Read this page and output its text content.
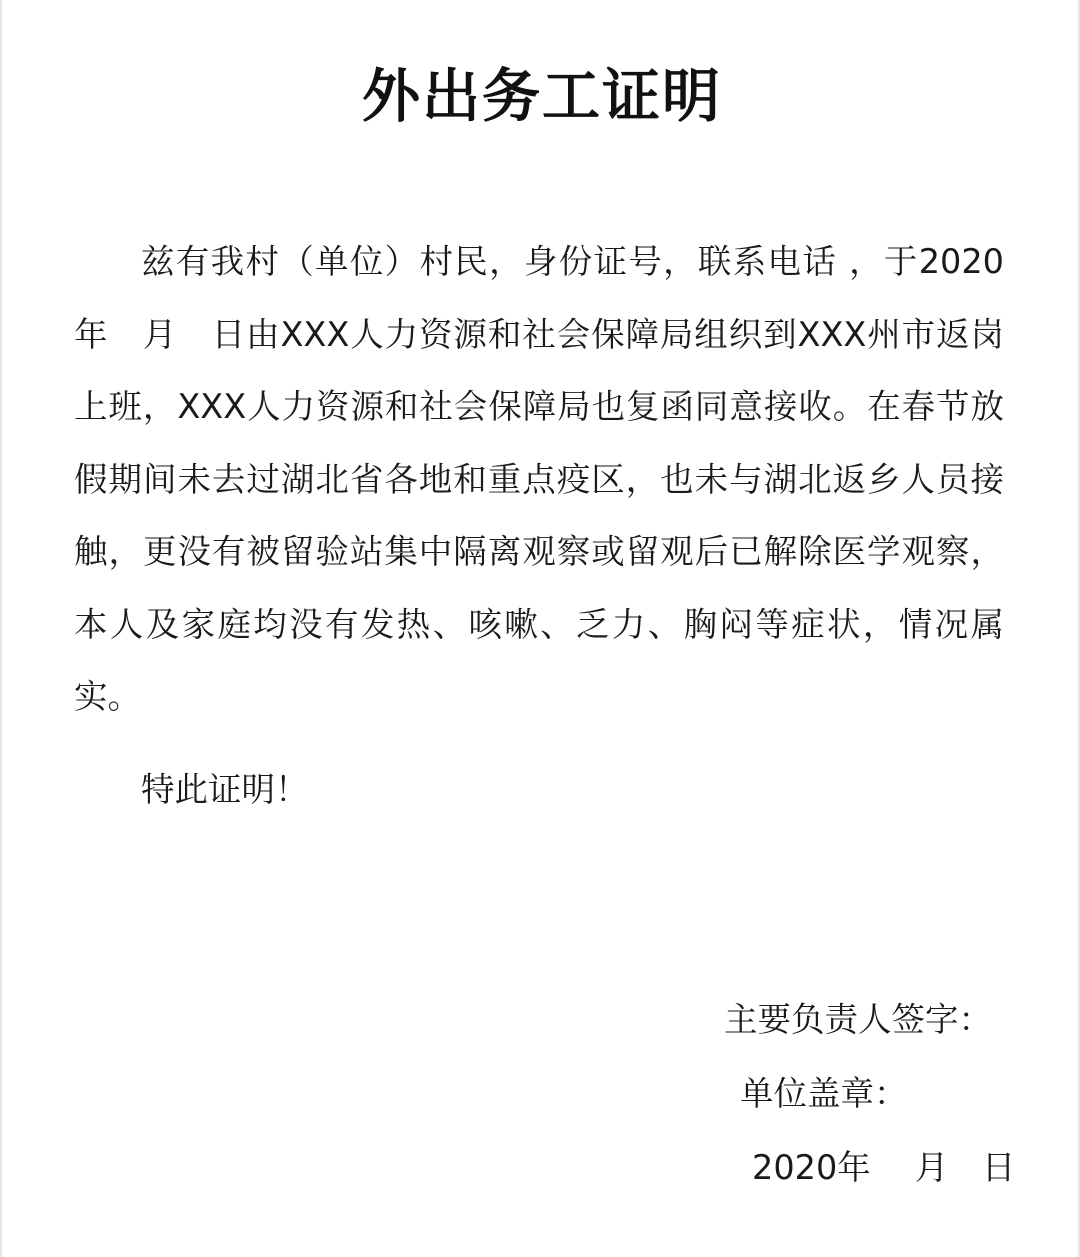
外出务工证明

兹有我村（单位）村民，身份证号，联系电话 ，于2020年　月　日由XXX人力资源和社会保障局组织到XXX州市返岗上班，XXX人力资源和社会保障局也复函同意接收。在春节放假期间未去过湖北省各地和重点疫区，也未与湖北返乡人员接触，更没有被留验站集中隔离观察或留观后已解除医学观察，本人及家庭均没有发热、咳嗽、乏力、胸闷等症状，情况属实。

特此证明！

主要负责人签字：
单位盖章：
2020年　 月　日
